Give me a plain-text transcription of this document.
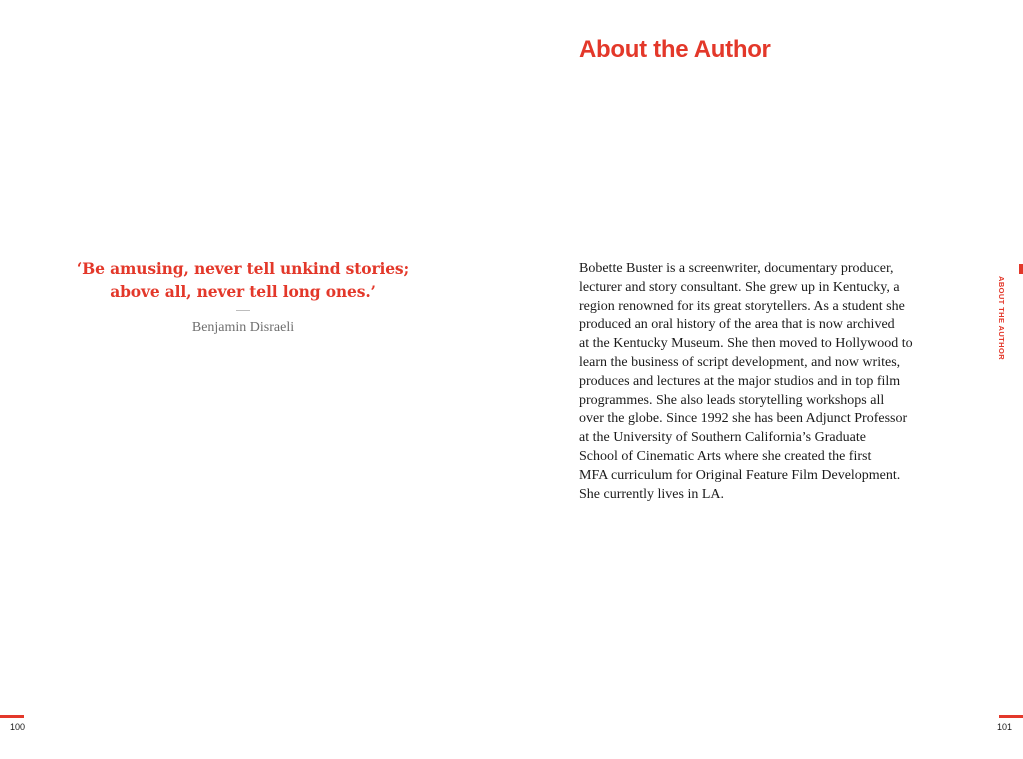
‘Be amusing, never tell unkind stories;
above all, never tell long ones.’
Benjamin Disraeli
100
About the Author
Bobette Buster is a screenwriter, documentary producer,
lecturer and story consultant. She grew up in Kentucky, a
region renowned for its great storytellers. As a student she
produced an oral history of the area that is now archived
at the Kentucky Museum. She then moved to Hollywood to
learn the business of script development, and now writes,
produces and lectures at the major studios and in top film
programmes. She also leads storytelling workshops all
over the globe. Since 1992 she has been Adjunct Professor
at the University of Southern California’s Graduate
School of Cinematic Arts where she created the first
MFA curriculum for Original Feature Film Development.
She currently lives in LA.
ABOUT THE AUTHOR
101
